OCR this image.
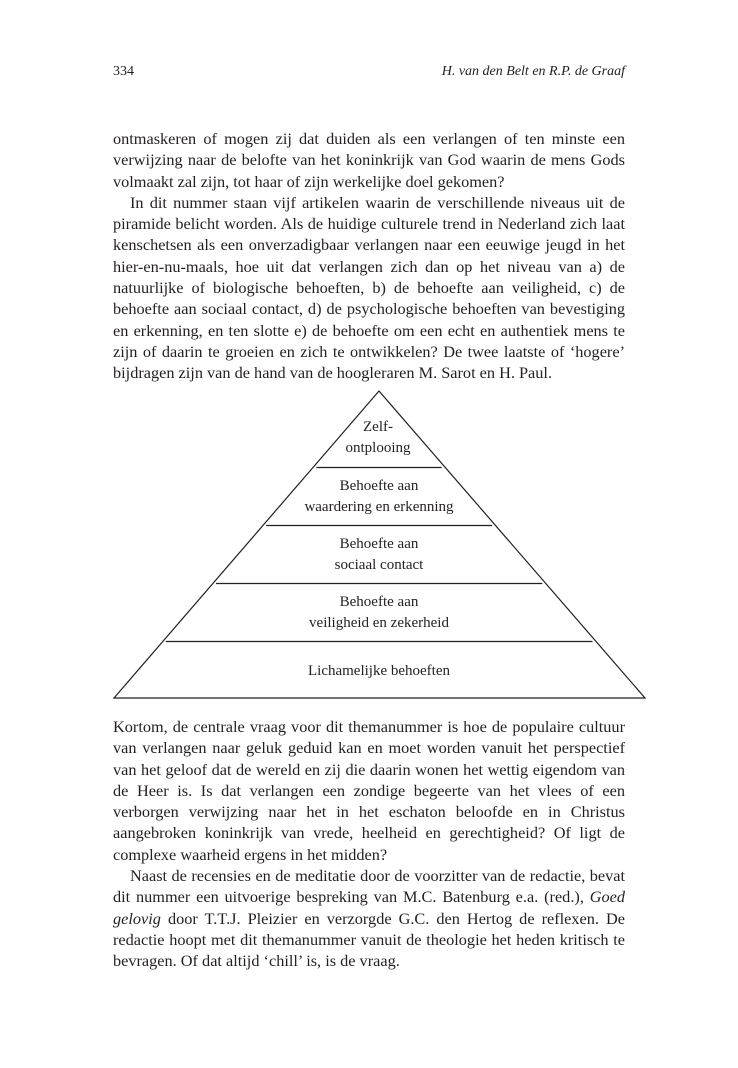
334	H. van den Belt en R.P. de Graaf

ontmaskeren of mogen zij dat duiden als een verlangen of ten minste een verwijzing naar de belofte van het koninkrijk van God waarin de mens Gods volmaakt zal zijn, tot haar of zijn werkelijke doel gekomen?

In dit nummer staan vijf artikelen waarin de verschillende niveaus uit de piramide belicht worden. Als de huidige culturele trend in Nederland zich laat kenschetsen als een onverzadigbaar verlangen naar een eeuwige jeugd in het hier-en-nu-maals, hoe uit dat verlangen zich dan op het niveau van a) de natuurlijke of biologische behoeften, b) de behoefte aan veiligheid, c) de behoefte aan sociaal contact, d) de psychologische behoeften van bevestiging en erkenning, en ten slotte e) de behoefte om een echt en authentiek mens te zijn of daarin te groeien en zich te ontwikkelen? De twee laatste of ‘hogere’ bijdragen zijn van de hand van de hoogleraren M. Sarot en H. Paul.

Zelf-
ontplooing
Behoefte aan
waardering en erkenning
Behoefte aan
sociaal contact
Behoefte aan
veiligheid en zekerheid
Lichamelijke behoeften

Kortom, de centrale vraag voor dit themanummer is hoe de populaire cultuur van verlangen naar geluk geduid kan en moet worden vanuit het perspectief van het geloof dat de wereld en zij die daarin wonen het wettig eigendom van de Heer is. Is dat verlangen een zondige begeerte van het vlees of een verborgen verwijzing naar het in het eschaton beloofde en in Christus aangebroken koninkrijk van vrede, heelheid en gerechtigheid? Of ligt de complexe waarheid ergens in het midden?

Naast de recensies en de meditatie door de voorzitter van de redactie, bevat dit nummer een uitvoerige bespreking van M.C. Batenburg e.a. (red.), Goed gelovig door T.T.J. Pleizier en verzorgde G.C. den Hertog de reflexen. De redactie hoopt met dit themanummer vanuit de theologie het heden kritisch te bevragen. Of dat altijd ‘chill’ is, is de vraag.
